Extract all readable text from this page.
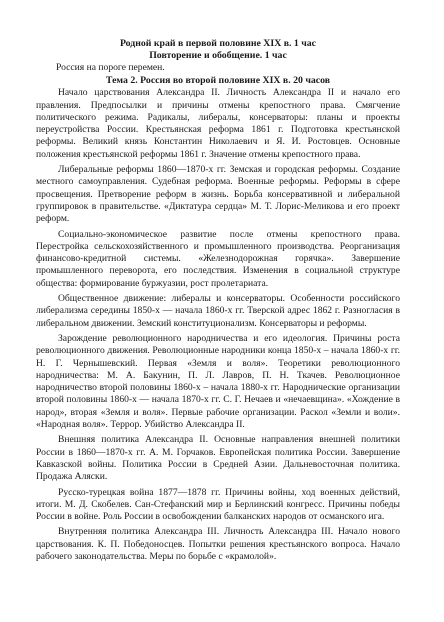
Родной край в первой половине XIX в. 1 час
Повторение и обобщение. 1 час
Россия на пороге перемен.
Тема 2. Россия во второй половине XIX в. 20 часов

Начало царствования Александра II. Личность Александра II и начало его правления. Предпосылки и причины отмены крепостного права. Смягчение политического режима. Радикалы, либералы, консерваторы: планы и проекты переустройства России. Крестьянская реформа 1861 г. Подготовка крестьянской реформы. Великий князь Константин Николаевич и Я. И. Ростовцев. Основные положения крестьянской реформы 1861 г. Значение отмены крепостного права.

Либеральные реформы 1860—1870-х гг. Земская и городская реформы. Создание местного самоуправления. Судебная реформа. Военные реформы. Реформы в сфере просвещения. Претворение реформ в жизнь. Борьба консервативной и либеральной группировок в правительстве. «Диктатура сердца» М. Т. Лорис-Меликова и его проект реформ.

Социально-экономическое развитие после отмены крепостного права. Перестройка сельскохозяйственного и промышленного производства. Реорганизация финансово-кредитной системы. «Железнодорожная горячка». Завершение промышленного переворота, его последствия. Изменения в социальной структуре общества: формирование буржуазии, рост пролетариата.

Общественное движение: либералы и консерваторы. Особенности российского либерализма середины 1850-х — начала 1860-х гг. Тверской адрес 1862 г. Разногласия в либеральном движении. Земский конституционализм. Консерваторы и реформы.

Зарождение революционного народничества и его идеология. Причины роста революционного движения. Революционные народники конца 1850-х – начала 1860-х гг. Н. Г. Чернышевский. Первая «Земля и воля». Теоретики революционного народничества: М. А. Бакунин, П. Л. Лавров, П. Н. Ткачев. Революционное народничество второй половины 1860-х – начала 1880-х гг. Народнические организации второй половины 1860-х — начала 1870-х гг. С. Г. Нечаев и «нечаевщина». «Хождение в народ», вторая «Земля и воля». Первые рабочие организации. Раскол «Земли и воли». «Народная воля». Террор. Убийство Александра II.

Внешняя политика Александра II. Основные направления внешней политики России в 1860—1870-х гг. А. М. Горчаков. Европейская политика России. Завершение Кавказской войны. Политика России в Средней Азии. Дальневосточная политика. Продажа Аляски.

Русско-турецкая война 1877—1878 гг. Причины войны, ход военных действий, итоги. М. Д. Скобелев. Сан-Стефанский мир и Берлинский конгресс. Причины победы России в войне. Роль России в освобождении балканских народов от османского ига.

Внутренняя политика Александра III. Личность Александра III. Начало нового царствования. К. П. Победоносцев. Попытки решения крестьянского вопроса. Начало рабочего законодательства. Меры по борьбе с «крамолой».
